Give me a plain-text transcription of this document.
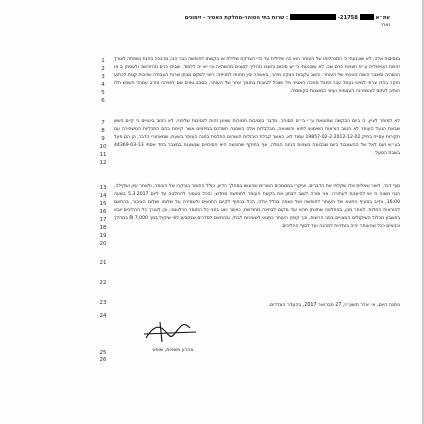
עת״א  21758-  : שרות בתי הסוהר-מחלקת האסיר - זימונים
ואח׳
1
2
3
4
5
6
7
8
9
10
11
12
13
14
15
16
17
18
19
20
21
22
23
24
25
26

בנסיבות אלה, לא שוכנעתי כי התנהלותו של העותר הוא כה שלילית עד כדי הצדקת שלילת או בקשתו לחופשה כבר הנו, מרבכה בהנת נשפתה לצורך זהויות הטיפולית ע״פ חצויות כרם שכ, לא שוכנעתי כי יש סיכום והשבו מהליך לסוגים מהשהייה וכי יש יה ללמוד. שביכו כרם מהזרושכ ולעסוק ב או הנשהיה ומצבר השוה הנוכחי של העותר, והשכ עקבות הצקה מיהר, באשהר יבין מחותו לתניפה. ראוי לשקם מבחן שרות העבודה שהכוח קנות לכתוע הוקר בהדו צרחי למיטי נעמד עבר ופובל מחכה האסיר פל ושוכל לטובות בתומך אחר של העותר, בסבב טוויס שם לפויהה וחרב עמהד השכש חלו הופיב לעזוס לעשתרנה העצמות ועוזוי המוצגות בקוממיה.

לא למותר לציין, כי ביום הבקשה שחוטאת ע״י בי״ס הסוהר, מדבר בנסיבות חמורות שאינן זהות לנסיבות שלפניי, לא כתוב ביטויים כי קיים חשש שבאת הגעל העותר לא הטוב הוראות השימוש לפוא והשוואה, מבלבלות אלה השמנה חשדכם במיזמים אשר קיימת בהם התכליות המשחירה עם חקירות עסייה בתיק 2012-12-02 19857-02-2 עמוד לא, כאשר קבלת היבולות השוהים החלמת בפנה העותר בשעת, שמאחורי הדבר, הן הם פעל בע״ש זעם לאל של ההשעבוד ביום שבכוונה בשניות הגינה הגולה, אף בתוקף שהוגשה היא הסיכויים שנשענת במצבר בחד אסחי 44369-03-13 בשבת המעל.

סוף דבר, לאור שאלות אלו שקלתי את הדברים, ועיקרי במסמכים הטורים שהוגשו במהלך הדיון, כולל החומר בעיקרו של העותר, ולאחר עיון ושקילה, הנני משוה כי יש להיענות לעתירה. אני מורה לשוב לבחון את בקשת העותר לחופשה מחדש, והכל כאמור להחלטה עד ליום 5.3.2017 בשעה 16:00, וחייב בסעיף החטא של העותר לחופשה ושל נשפה בכלל אלה, הכל בכפוף לקיום התנאים ולשמירה על שלומו ושלום הציבור, בהתאם להוראות החלות. לאחר מכן, בהחלטה שתינתן תהא עוד מקום לבחינה מחודשת, כאשר יוצג בפני כל החומר הרלוונטי, וכן לאורך כל ההליכים יובא בחשבון מכלול השיקולים המצויים בפני הרשות, וכך קופץ העותר כתנאי לשעיכות לבתי, ובהתאם לסדרים שנקבעו לפי שיקול בסך 7,000 ₪ במהלך וכנימים ככל שהעותר יהיה בעדויות למהנה ועד לסוף ההליכים.

ניתנה היום, א׳ אדר תשע״ז, 27 פברואר 2017, בהעדר הצדדים.
אהרון משניות, שופט
